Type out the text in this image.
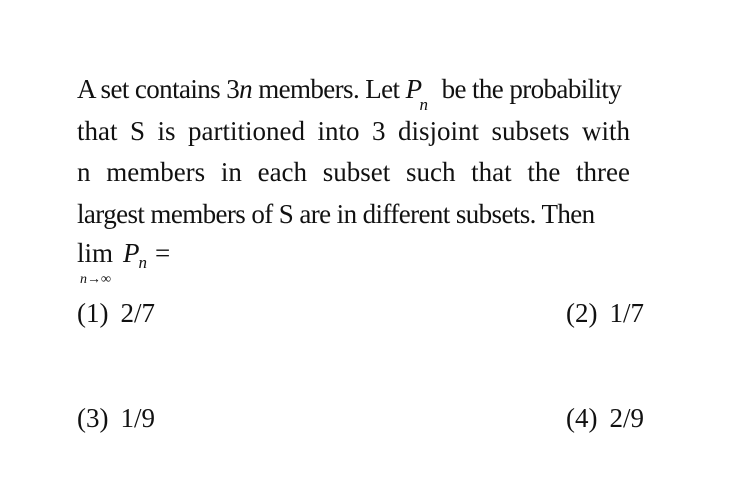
A set contains 3n members. Let $P_n$ be the probability
that S is partitioned into 3 disjoint subsets with
n members in each subset such that the three
largest members of S are in different subsets. Then
lim
n→∞
$P_n$ =
(1) 2/7	(2) 1/7
(3) 1/9	(4) 2/9
